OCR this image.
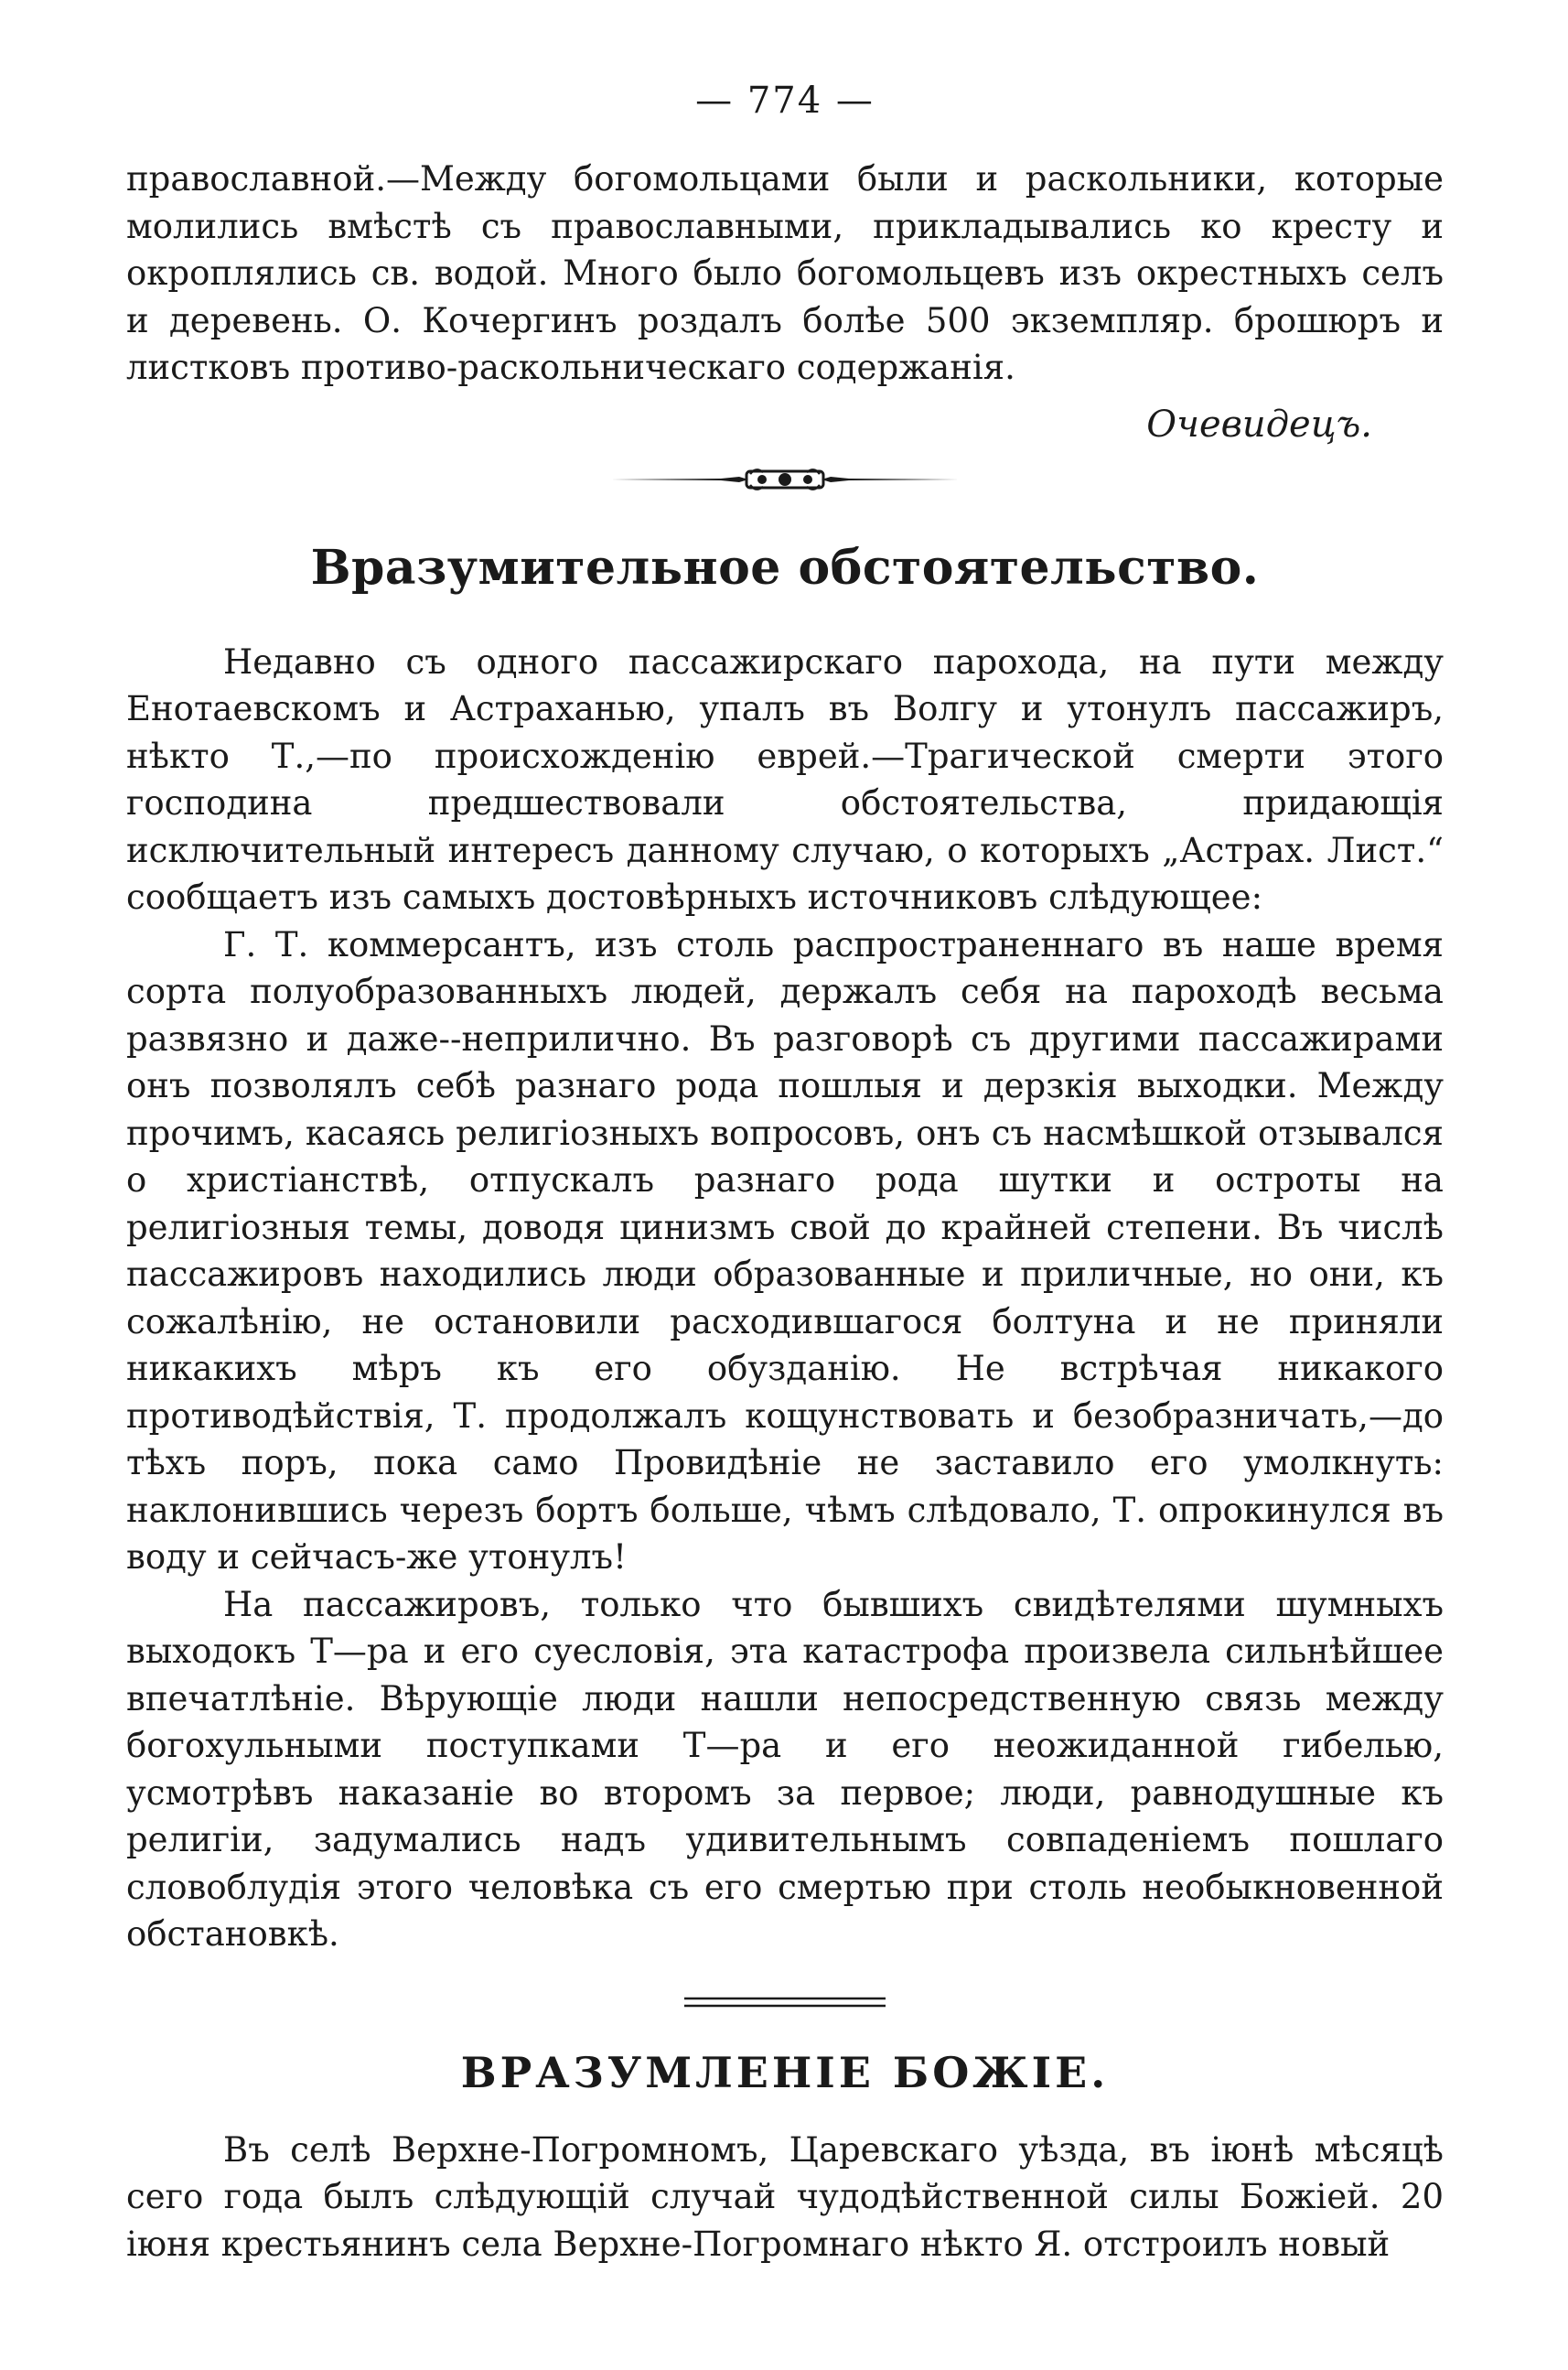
— 774 —

православной.—Между богомольцами были и раскольники, которые молились вмѣстѣ съ православными, прикладывались ко кресту и окроплялись св. водой. Много было богомольцевъ изъ окрестныхъ селъ и деревень. О. Кочергинъ роздалъ болѣе 500 экземпляр. брошюръ и листковъ противо-раскольническаго содержанія.

Очевидецъ.
Вразумительное обстоятельство.

Недавно съ одного пассажирскаго парохода, на пути между Енотаевскомъ и Астраханью, упалъ въ Волгу и утонулъ пассажиръ, нѣкто Т.,—по происхожденію еврей.—Трагической смерти этого господина предшествовали обстоятельства, придающія исключительный интересъ данному случаю, о которыхъ „Астрах. Лист.“ сообщаетъ изъ самыхъ достовѣрныхъ источниковъ слѣдующее:

Г. Т. коммерсантъ, изъ столь распространеннаго въ наше время сорта полуобразованныхъ людей, держалъ себя на пароходѣ весьма развязно и даже--неприлично. Въ разговорѣ съ другими пассажирами онъ позволялъ себѣ разнаго рода пошлыя и дерзкія выходки. Между прочимъ, касаясь религіозныхъ вопросовъ, онъ съ насмѣшкой отзывался о христіанствѣ, отпускалъ разнаго рода шутки и остроты на религіозныя темы, доводя цинизмъ свой до крайней степени. Въ числѣ пассажировъ находились люди образованные и приличные, но они, къ сожалѣнію, не остановили расходившагося болтуна и не приняли никакихъ мѣръ къ его обузданію. Не встрѣчая никакого противодѣйствія, Т. продолжалъ кощунствовать и безобразничать,—до тѣхъ поръ, пока само Провидѣніе не заставило его умолкнуть: наклонившись черезъ бортъ больше, чѣмъ слѣдовало, Т. опрокинулся въ воду и сейчасъ-же утонулъ!

На пассажировъ, только что бывшихъ свидѣтелями шумныхъ выходокъ Т—ра и его суесловія, эта катастрофа произвела сильнѣйшее впечатлѣніе. Вѣрующіе люди нашли непосредственную связь между богохульными поступками Т—ра и его неожиданной гибелью, усмотрѣвъ наказаніе во второмъ за первое; люди, равнодушные къ религіи, задумались надъ удивительнымъ совпаденіемъ пошлаго словоблудія этого человѣка съ его смертью при столь необыкновенной обстановкѣ.

ВРАЗУМЛЕНІЕ БОЖІЕ.

Въ селѣ Верхне-Погромномъ, Царевскаго уѣзда, въ іюнѣ мѣсяцѣ сего года былъ слѣдующій случай чудодѣйственной силы Божіей. 20 іюня крестьянинъ села Верхне-Погромнаго нѣкто Я. отстроилъ новый
